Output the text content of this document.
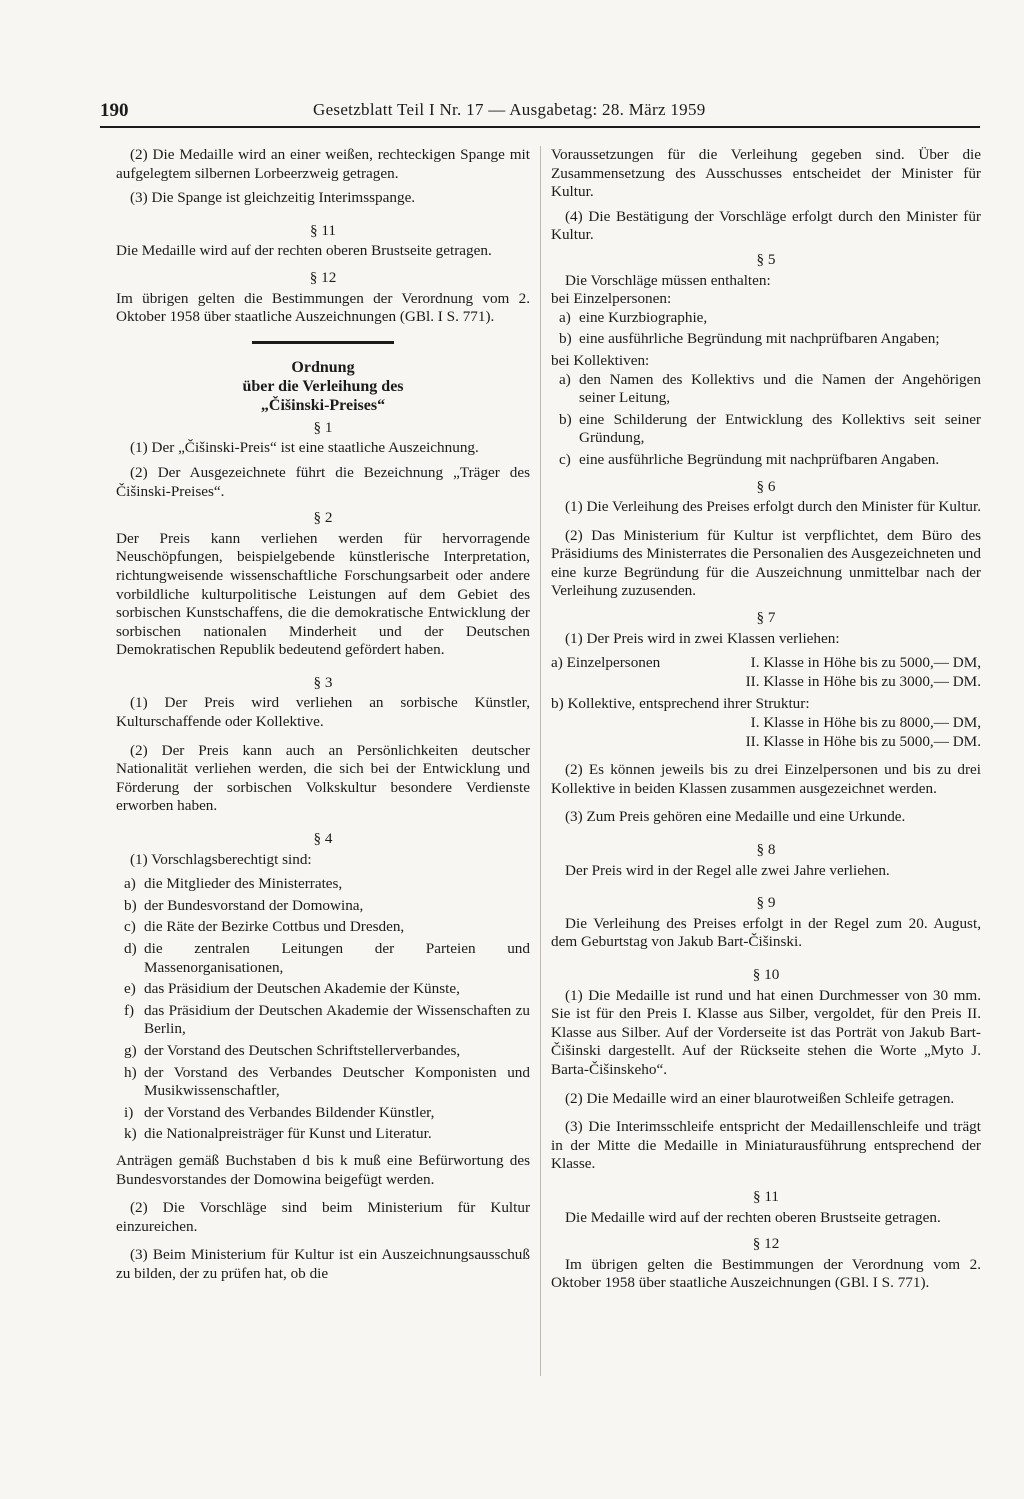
190	Gesetzblatt Teil I Nr. 17 — Ausgabetag: 28. März 1959

(2) Die Medaille wird an einer weißen, rechteckigen Spange mit aufgelegtem silbernen Lorbeerzweig getragen.

(3) Die Spange ist gleichzeitig Interimsspange.

§ 11

Die Medaille wird auf der rechten oberen Brustseite getragen.

§ 12

Im übrigen gelten die Bestimmungen der Verordnung vom 2. Oktober 1958 über staatliche Auszeichnungen (GBl. I S. 771).

Ordnung

über die Verleihung des

„Čišinski-Preises“

§ 1

(1) Der „Čišinski-Preis“ ist eine staatliche Auszeichnung.

(2) Der Ausgezeichnete führt die Bezeichnung „Träger des Čišinski-Preises“.

§ 2

Der Preis kann verliehen werden für hervorragende Neuschöpfungen, beispielgebende künstlerische Interpretation, richtungweisende wissenschaftliche Forschungsarbeit oder andere vorbildliche kulturpolitische Leistungen auf dem Gebiet des sorbischen Kunstschaffens, die die demokratische Entwicklung der sorbischen nationalen Minderheit und der Deutschen Demokratischen Republik bedeutend gefördert haben.

§ 3

(1) Der Preis wird verliehen an sorbische Künstler, Kulturschaffende oder Kollektive.

(2) Der Preis kann auch an Persönlichkeiten deutscher Nationalität verliehen werden, die sich bei der Entwicklung und Förderung der sorbischen Volkskultur besondere Verdienste erworben haben.

§ 4

(1) Vorschlagsberechtigt sind:

a) die Mitglieder des Ministerrates,
b) der Bundesvorstand der Domowina,
c) die Räte der Bezirke Cottbus und Dresden,
d) die zentralen Leitungen der Parteien und Massenorganisationen,
e) das Präsidium der Deutschen Akademie der Künste,
f) das Präsidium der Deutschen Akademie der Wissenschaften zu Berlin,
g) der Vorstand des Deutschen Schriftstellerverbandes,
h) der Vorstand des Verbandes Deutscher Komponisten und Musikwissenschaftler,
i) der Vorstand des Verbandes Bildender Künstler,
k) die Nationalpreisträger für Kunst und Literatur.

Anträgen gemäß Buchstaben d bis k muß eine Befürwortung des Bundesvorstandes der Domowina beigefügt werden.

(2) Die Vorschläge sind beim Ministerium für Kultur einzureichen.

(3) Beim Ministerium für Kultur ist ein Auszeichnungsausschuß zu bilden, der zu prüfen hat, ob die

Voraussetzungen für die Verleihung gegeben sind. Über die Zusammensetzung des Ausschusses entscheidet der Minister für Kultur.

(4) Die Bestätigung der Vorschläge erfolgt durch den Minister für Kultur.

§ 5

Die Vorschläge müssen enthalten:

bei Einzelpersonen:

a) eine Kurzbiographie,
b) eine ausführliche Begründung mit nachprüfbaren Angaben;

bei Kollektiven:

a) den Namen des Kollektivs und die Namen der Angehörigen seiner Leitung,
b) eine Schilderung der Entwicklung des Kollektivs seit seiner Gründung,
c) eine ausführliche Begründung mit nachprüfbaren Angaben.

§ 6

(1) Die Verleihung des Preises erfolgt durch den Minister für Kultur.

(2) Das Ministerium für Kultur ist verpflichtet, dem Büro des Präsidiums des Ministerrates die Personalien des Ausgezeichneten und eine kurze Begründung für die Auszeichnung unmittelbar nach der Verleihung zuzusenden.

§ 7

(1) Der Preis wird in zwei Klassen verliehen:

a) Einzelpersonen	I. Klasse in Höhe bis zu 5000,— DM,

II. Klasse in Höhe bis zu 3000,— DM.

b) Kollektive, entsprechend ihrer Struktur:

I. Klasse in Höhe bis zu 8000,— DM,

II. Klasse in Höhe bis zu 5000,— DM.

(2) Es können jeweils bis zu drei Einzelpersonen und bis zu drei Kollektive in beiden Klassen zusammen ausgezeichnet werden.

(3) Zum Preis gehören eine Medaille und eine Urkunde.

§ 8

Der Preis wird in der Regel alle zwei Jahre verliehen.

§ 9

Die Verleihung des Preises erfolgt in der Regel zum 20. August, dem Geburtstag von Jakub Bart-Čišinski.

§ 10

(1) Die Medaille ist rund und hat einen Durchmesser von 30 mm. Sie ist für den Preis I. Klasse aus Silber, vergoldet, für den Preis II. Klasse aus Silber. Auf der Vorderseite ist das Porträt von Jakub Bart-Čišinski dargestellt. Auf der Rückseite stehen die Worte „Myto J. Barta-Čišinskeho“.

(2) Die Medaille wird an einer blaurotweißen Schleife getragen.

(3) Die Interimsschleife entspricht der Medaillenschleife und trägt in der Mitte die Medaille in Miniaturausführung entsprechend der Klasse.

§ 11

Die Medaille wird auf der rechten oberen Brustseite getragen.

§ 12

Im übrigen gelten die Bestimmungen der Verordnung vom 2. Oktober 1958 über staatliche Auszeichnungen (GBl. I S. 771).
